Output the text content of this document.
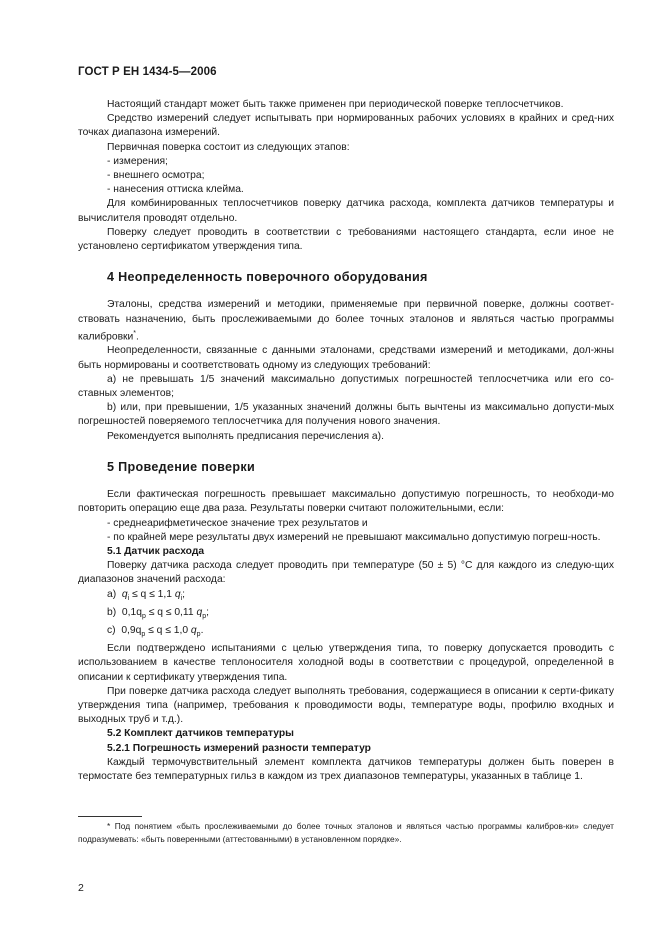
ГОСТ Р ЕН 1434-5—2006

Настоящий стандарт может быть также применен при периодической поверке теплосчетчиков.

Средство измерений следует испытывать при нормированных рабочих условиях в крайних и сред-них точках диапазона измерений.

Первичная поверка состоит из следующих этапов:

- измерения;
- внешнего осмотра;
- нанесения оттиска клейма.

Для комбинированных теплосчетчиков поверку датчика расхода, комплекта датчиков температуры и вычислителя проводят отдельно.

Поверку следует проводить в соответствии с требованиями настоящего стандарта, если иное не установлено сертификатом утверждения типа.

4 Неопределенность поверочного оборудования

Эталоны, средства измерений и методики, применяемые при первичной поверке, должны соответ-ствовать назначению, быть прослеживаемыми до более точных эталонов и являться частью программы калибровки*.

Неопределенности, связанные с данными эталонами, средствами измерений и методиками, дол-жны быть нормированы и соответствовать одному из следующих требований:

a) не превышать 1/5 значений максимально допустимых погрешностей теплосчетчика или его со-ставных элементов;

b) или, при превышении, 1/5 указанных значений должны быть вычтены из максимально допусти-мых погрешностей поверяемого теплосчетчика для получения нового значения.

Рекомендуется выполнять предписания перечисления а).

5 Проведение поверки

Если фактическая погрешность превышает максимально допустимую погрешность, то необходи-мо повторить операцию еще два раза. Результаты поверки считают положительными, если:

- среднеарифметическое значение трех результатов и

- по крайней мере результаты двух измерений не превышают максимально допустимую погреш-ность.

5.1 Датчик расхода

Поверку датчика расхода следует проводить при температуре (50 ± 5) °С для каждого из следую-щих диапазонов значений расхода:

a) $q_i \le q \le 1,1$ $q_i$;
b) $0,1q_p \le q \le 0,11$ $q_p$;
c) $0,9q_p \le q \le 1,0$ $q_p$.

Если подтверждено испытаниями с целью утверждения типа, то поверку допускается проводить с использованием в качестве теплоносителя холодной воды в соответствии с процедурой, определенной в описании к сертификату утверждения типа.

При поверке датчика расхода следует выполнять требования, содержащиеся в описании к серти-фикату утверждения типа (например, требования к проводимости воды, температуре воды, профилю входных и выходных труб и т.д.).

5.2 Комплект датчиков температуры

5.2.1 Погрешность измерений разности температур

Каждый термочувствительный элемент комплекта датчиков температуры должен быть поверен в термостате без температурных гильз в каждом из трех диапазонов температуры, указанных в таблице 1.

* Под понятием «быть прослеживаемыми до более точных эталонов и являться частью программы калибров-ки» следует подразумевать: «быть поверенными (аттестованными) в установленном порядке».

2
